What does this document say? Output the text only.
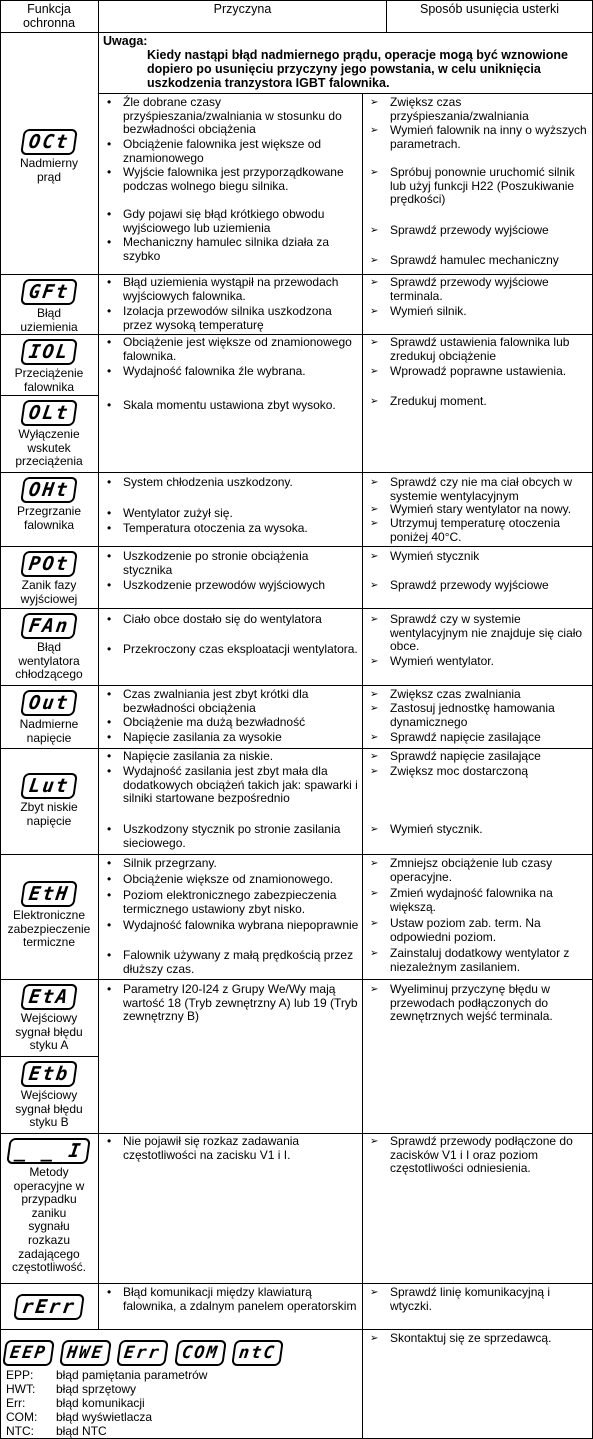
Funkcja ochronna
Przyczyna	Sposób usunięcia usterki
OCt
Nadmierny prąd
Uwaga:
Kiedy nastąpi błąd nadmiernego prądu, operacje mogą być wznowione dopiero po usunięciu przyczyny jego powstania, w celu uniknięcia uszkodzenia tranzystora IGBT falownika.
• Źle dobrane czasy przyśpieszania/zwalniania w stosunku do bezwładności obciążenia
• Obciążenie falownika jest większe od znamionowego
• Wyjście falownika jest przyporządkowane podczas wolnego biegu silnika.
• Gdy pojawi się błąd krótkiego obwodu wyjściowego lub uziemienia
• Mechaniczny hamulec silnika działa za szybko
➢ Zwiększ czas przyśpieszania/zwalniania
➢ Wymień falownik na inny o wyższych parametrach.
➢ Spróbuj ponownie uruchomić silnik lub użyj funkcji H22 (Poszukiwanie prędkości)
➢ Sprawdź przewody wyjściowe
➢ Sprawdź hamulec mechaniczny
GFt
Błąd uziemienia
• Błąd uziemienia wystąpił na przewodach wyjściowych falownika.
• Izolacja przewodów silnika uszkodzona przez wysoką temperaturę
➢ Sprawdź przewody wyjściowe terminala.
➢ Wymień silnik.
IOL
Przeciążenie falownika
OLt
Wyłączenie wskutek przeciążenia
• Obciążenie jest większe od znamionowego falownika.
• Wydajność falownika źle wybrana.
• Skala momentu ustawiona zbyt wysoko.
➢ Sprawdź ustawienia falownika lub zredukuj obciążenie
➢ Wprowadź poprawne ustawienia.
➢ Zredukuj moment.
OHt
Przegrzanie falownika
• System chłodzenia uszkodzony.
• Wentylator zużył się.
• Temperatura otoczenia za wysoka.
➢ Sprawdź czy nie ma ciał obcych w systemie wentylacyjnym
➢ Wymień stary wentylator na nowy.
➢ Utrzymuj temperaturę otoczenia poniżej 40°C.
POt
Zanik fazy wyjściowej
• Uszkodzenie po stronie obciążenia stycznika
• Uszkodzenie przewodów wyjściowych
➢ Wymień stycznik
➢ Sprawdź przewody wyjściowe
FAn
Błąd wentylatora chłodzącego
• Ciało obce dostało się do wentylatora
• Przekroczony czas eksploatacji wentylatora.
➢ Sprawdź czy w systemie wentylacyjnym nie znajduje się ciało obce.
➢ Wymień wentylator.
Out
Nadmierne napięcie
• Czas zwalniania jest zbyt krótki dla bezwładności obciążenia
• Obciążenie ma dużą bezwładność
• Napięcie zasilania za wysokie
➢ Zwiększ czas zwalniania
➢ Zastosuj jednostkę hamowania dynamicznego
➢ Sprawdź napięcie zasilające
Lut
Zbyt niskie napięcie
• Napięcie zasilania za niskie.
• Wydajność zasilania jest zbyt mała dla dodatkowych obciążeń takich jak: spawarki i silniki startowane bezpośrednio
• Uszkodzony stycznik po stronie zasilania sieciowego.
➢ Sprawdź napięcie zasilające
➢ Zwiększ moc dostarczoną
➢ Wymień stycznik.
EtH
Elektroniczne zabezpieczenie termiczne
• Silnik przegrzany.
• Obciążenie większe od znamionowego.
• Poziom elektronicznego zabezpieczenia termicznego ustawiony zbyt nisko.
• Wydajność falownika wybrana niepoprawnie
• Falownik używany z małą prędkością przez dłuższy czas.
➢ Zmniejsz obciążenie lub czasy operacyjne.
➢ Zmień wydajność falownika na większą.
➢ Ustaw poziom zab. term. Na odpowiedni poziom.
➢ Zainstaluj dodatkowy wentylator z niezależnym zasilaniem.
EtA
Wejściowy sygnał błędu styku A
Etb
Wejściowy sygnał błędu styku B
• Parametry I20-I24 z Grupy We/Wy mają wartość 18 (Tryb zewnętrzny A) lub 19 (Tryb zewnętrzny B)
➢ Wyeliminuj przyczynę błędu w przewodach podłączonych do zewnętrznych wejść terminala.
_ _ I
Metody operacyjne w przypadku zaniku sygnału rozkazu zadającego częstotliwość.
• Nie pojawił się rozkaz zadawania częstotliwości na zacisku V1 i I.
➢ Sprawdź przewody podłączone do zacisków V1 i I oraz poziom częstotliwości odniesienia.
rErr
• Błąd komunikacji między klawiaturą falownika, a zdalnym panelem operatorskim
➢ Sprawdź linię komunikacyjną i wtyczki.
EEP HWE Err COM ntC
EPP: błąd pamiętania parametrów
HWT: błąd sprzętowy
Err:	błąd komunikacji
COM: błąd wyświetlacza
NTC: błąd NTC
➢ Skontaktuj się ze sprzedawcą.
